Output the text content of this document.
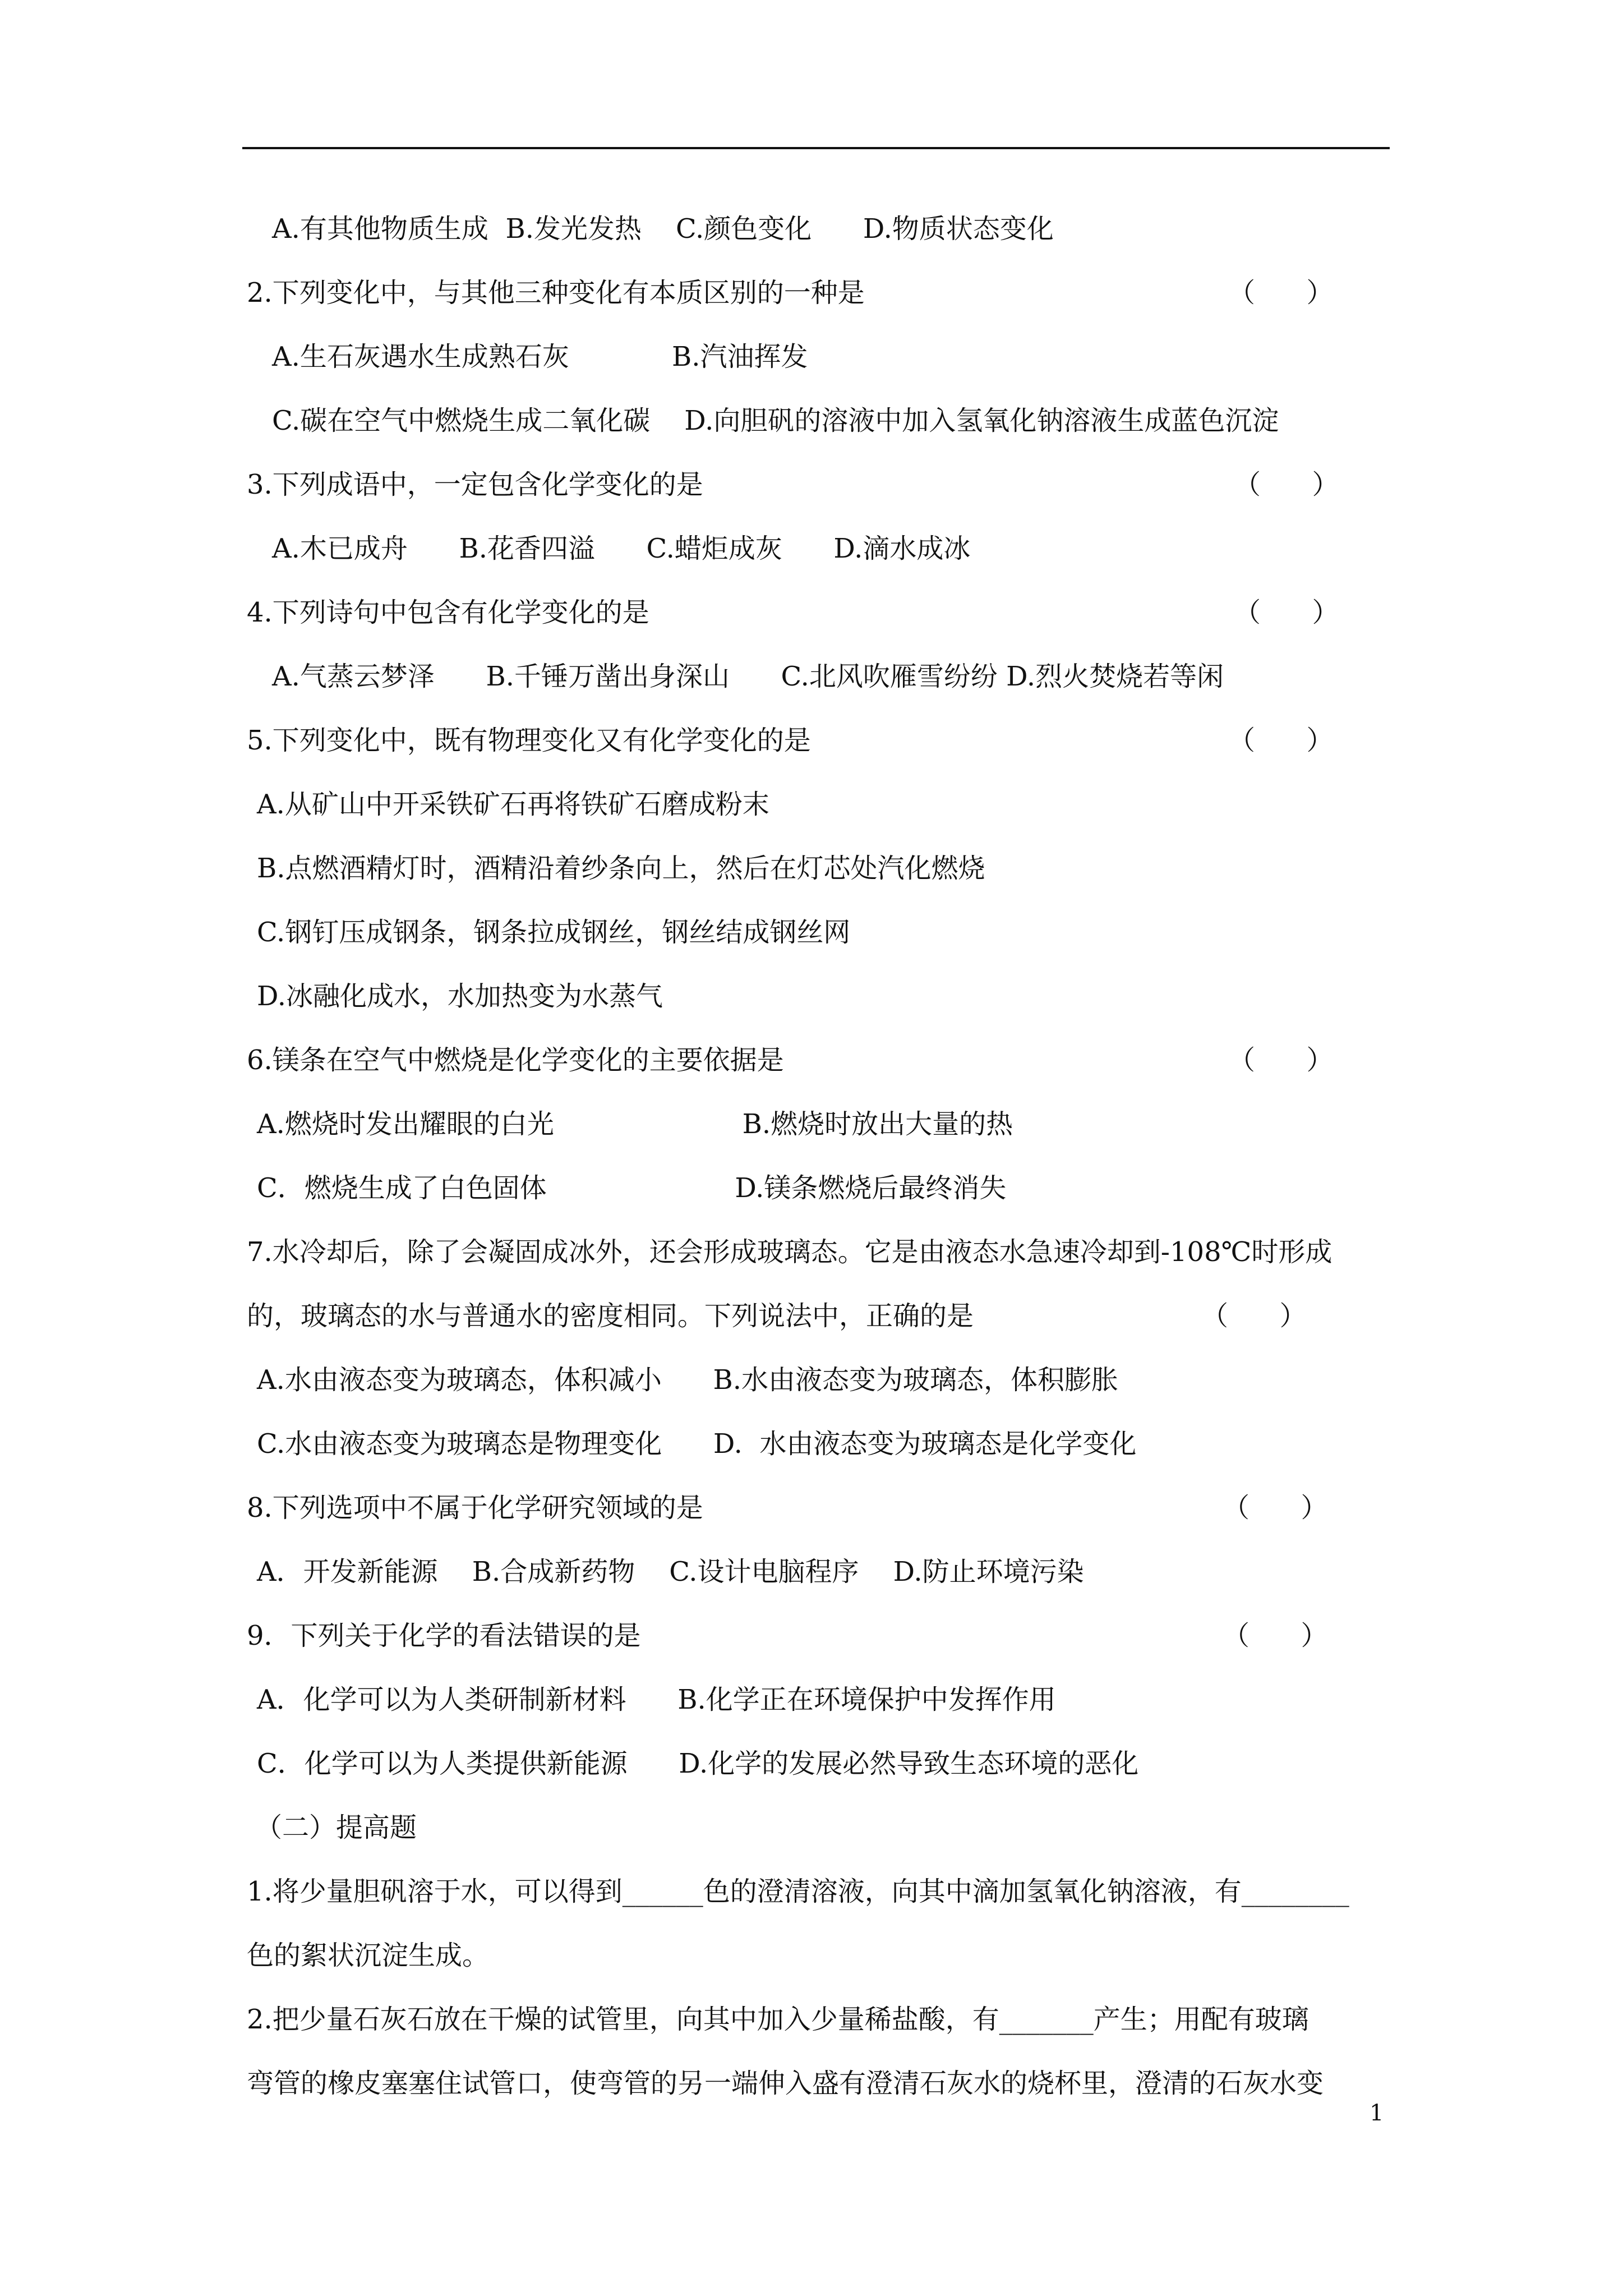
A.有其他物质生成  B.发光发热    C.颜色变化      D.物质状态变化
2.下列变化中，与其他三种变化有本质区别的一种是	（      ）
A.生石灰遇水生成熟石灰            B.汽油挥发
C.碳在空气中燃烧生成二氧化碳    D.向胆矾的溶液中加入氢氧化钠溶液生成蓝色沉淀
3.下列成语中，一定包含化学变化的是	（      ）
A.木已成舟      B.花香四溢      C.蜡炬成灰      D.滴水成冰
4.下列诗句中包含有化学变化的是	（      ）
A.气蒸云梦泽      B.千锤万凿出身深山      C.北风吹雁雪纷纷 D.烈火焚烧若等闲
5.下列变化中，既有物理变化又有化学变化的是	（      ）
A.从矿山中开采铁矿石再将铁矿石磨成粉末
B.点燃酒精灯时，酒精沿着纱条向上，然后在灯芯处汽化燃烧
C.钢钉压成钢条，钢条拉成钢丝，钢丝结成钢丝网
D.冰融化成水，水加热变为水蒸气
6.镁条在空气中燃烧是化学变化的主要依据是	（      ）
A.燃烧时发出耀眼的白光                      B.燃烧时放出大量的热
C．燃烧生成了白色固体                      D.镁条燃烧后最终消失
7.水冷却后，除了会凝固成冰外，还会形成玻璃态。它是由液态水急速冷却到-108℃时形成
的，玻璃态的水与普通水的密度相同。下列说法中，正确的是	（      ）
A.水由液态变为玻璃态，体积减小      B.水由液态变为玻璃态，体积膨胀
C.水由液态变为玻璃态是物理变化      D.  水由液态变为玻璃态是化学变化
8.下列选项中不属于化学研究领域的是	（      ）
A．开发新能源    B.合成新药物    C.设计电脑程序    D.防止环境污染
9．下列关于化学的看法错误的是	（      ）
A．化学可以为人类研制新材料      B.化学正在环境保护中发挥作用
C．化学可以为人类提供新能源      D.化学的发展必然导致生态环境的恶化
（二）提高题
1.将少量胆矾溶于水，可以得到______色的澄清溶液，向其中滴加氢氧化钠溶液，有________
色的絮状沉淀生成。
2.把少量石灰石放在干燥的试管里，向其中加入少量稀盐酸，有_______产生；用配有玻璃
弯管的橡皮塞塞住试管口，使弯管的另一端伸入盛有澄清石灰水的烧杯里，澄清的石灰水变
1
